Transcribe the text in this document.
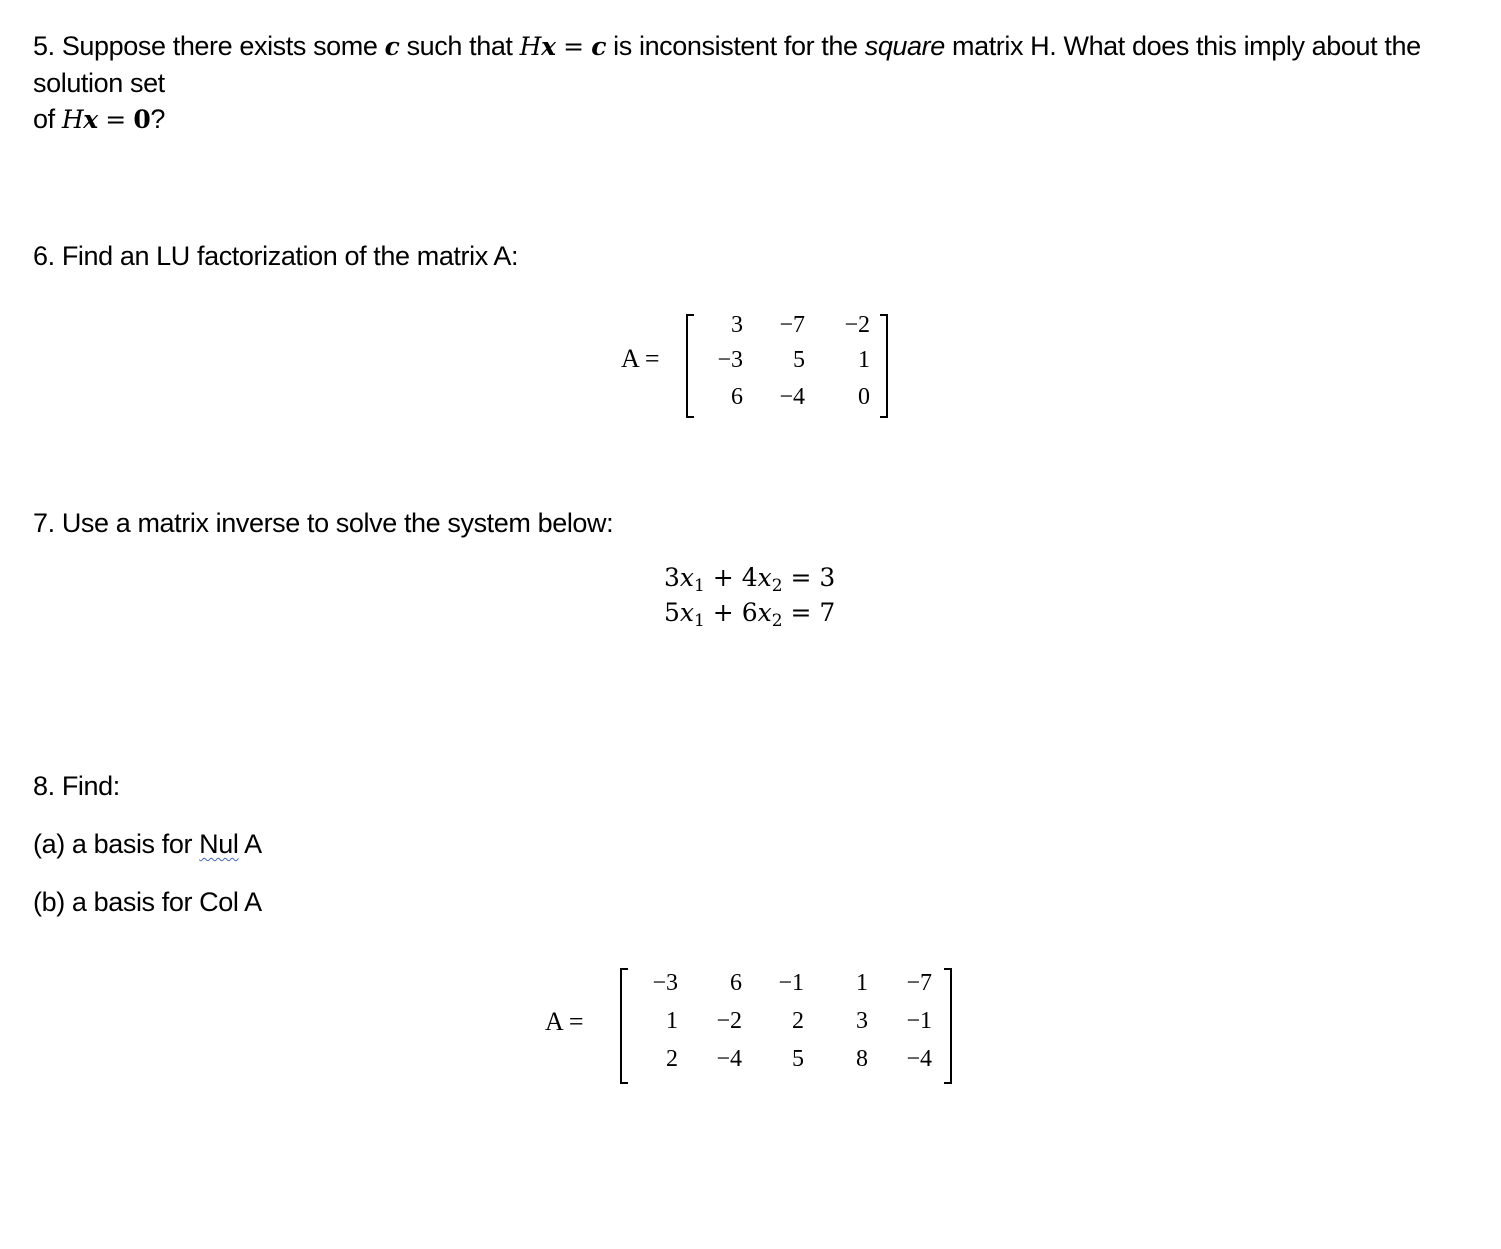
5. Suppose there exists some c such that Hx = c is inconsistent for the square matrix H. What does this imply about the solution set
of Hx = 0?
6. Find an LU factorization of the matrix A:
A =
3	−7	−2
−3	5	1
6	−4	0
7. Use a matrix inverse to solve the system below:
$3x_1 + 4x_2 = 3$
$5x_1 + 6x_2 = 7$
8. Find:
(a) a basis for Nul A
(b) a basis for Col A
A =
−3	6	−1	1	−7
1	−2	2	3	−1
2	−4	5	8	−4
